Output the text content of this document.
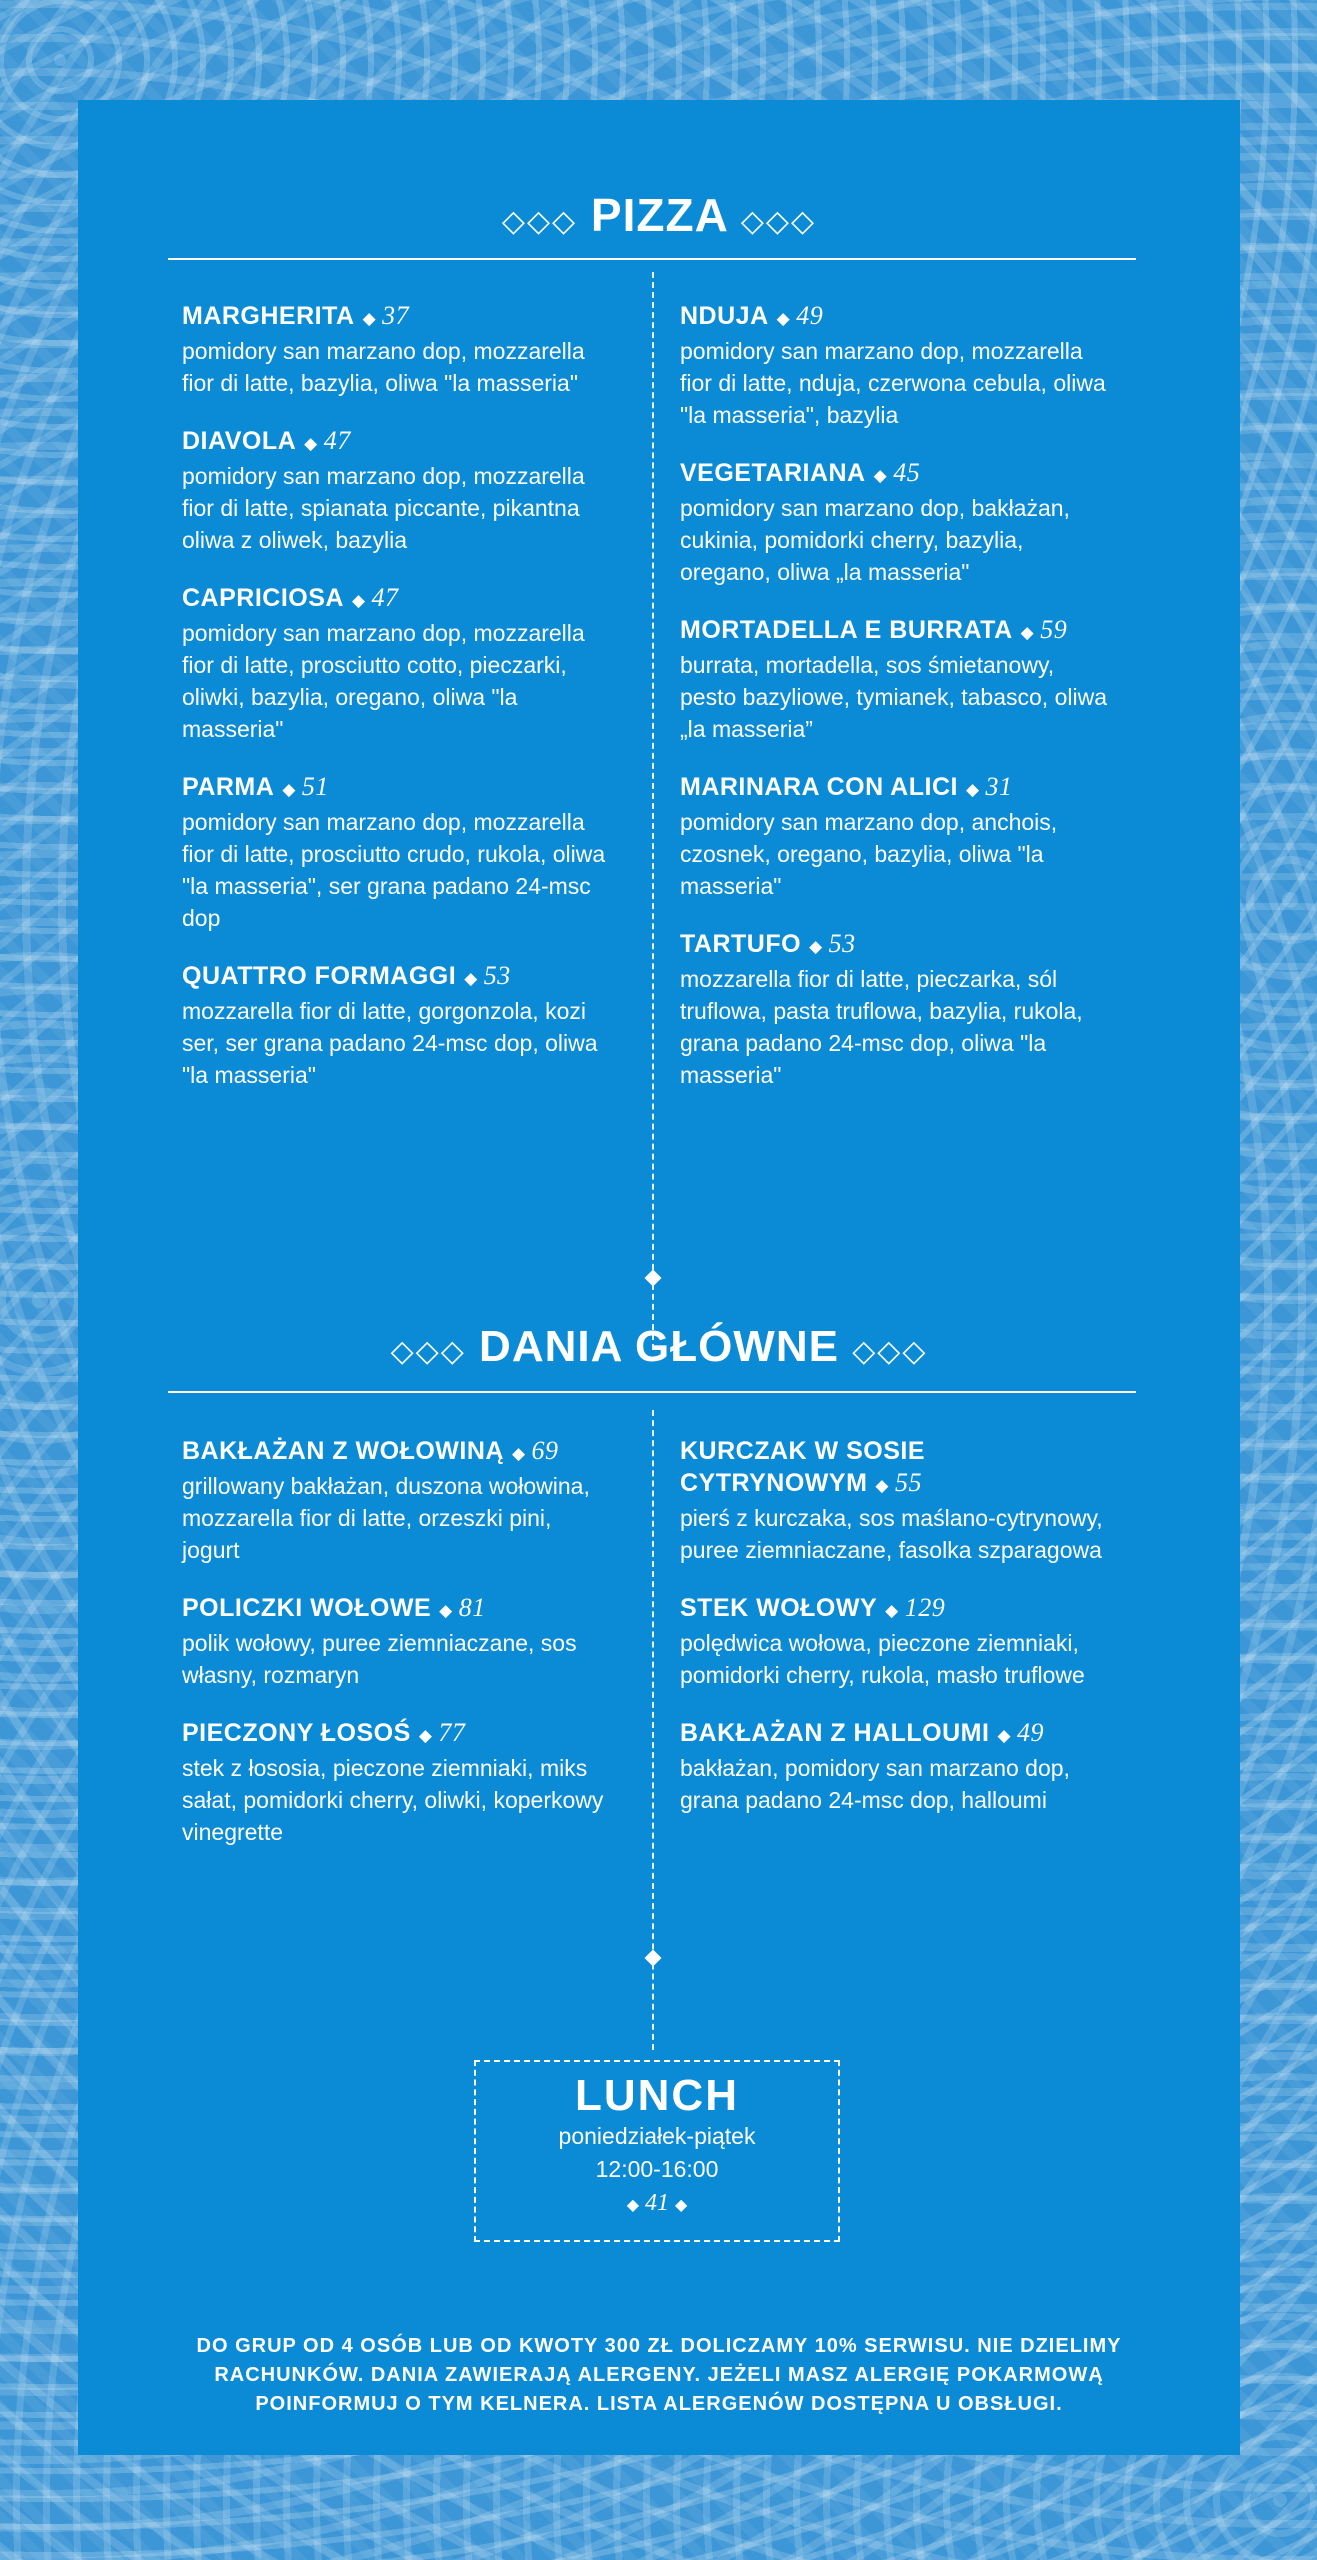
◇◇◇ PIZZA ◇◇◇
MARGHERITA ◆ 37
pomidory san marzano dop, mozzarella fior di latte, bazylia, oliwa "la masseria"
DIAVOLA ◆ 47
pomidory san marzano dop, mozzarella fior di latte, spianata piccante, pikantna oliwa z oliwek, bazylia
CAPRICIOSA ◆ 47
pomidory san marzano dop, mozzarella fior di latte, prosciutto cotto, pieczarki, oliwki, bazylia, oregano, oliwa "la masseria"
PARMA ◆ 51
pomidory san marzano dop, mozzarella fior di latte, prosciutto crudo, rukola, oliwa "la masseria", ser grana padano 24-msc dop
QUATTRO FORMAGGI ◆ 53
mozzarella fior di latte, gorgonzola, kozi ser, ser grana padano 24-msc dop, oliwa "la masseria"
NDUJA ◆ 49
pomidory san marzano dop, mozzarella fior di latte, nduja, czerwona cebula, oliwa "la masseria", bazylia
VEGETARIANA ◆ 45
pomidory san marzano dop, bakłażan, cukinia, pomidorki cherry, bazylia, oregano, oliwa „la masseria"
MORTADELLA E BURRATA ◆ 59
burrata, mortadella, sos śmietanowy, pesto bazyliowe, tymianek, tabasco, oliwa „la masseria”
MARINARA CON ALICI ◆ 31
pomidory san marzano dop, anchois, czosnek, oregano, bazylia, oliwa "la masseria"
TARTUFO ◆ 53
mozzarella fior di latte, pieczarka, sól truflowa, pasta truflowa, bazylia, rukola, grana padano 24-msc dop, oliwa "la masseria"
◇◇◇ DANIA GŁÓWNE ◇◇◇
BAKŁAŻAN Z WOŁOWINĄ ◆ 69
grillowany bakłażan, duszona wołowina, mozzarella fior di latte, orzeszki pini, jogurt
POLICZKI WOŁOWE ◆ 81
polik wołowy, puree ziemniaczane, sos własny, rozmaryn
PIECZONY ŁOSOŚ ◆ 77
stek z łososia, pieczone ziemniaki, miks sałat, pomidorki cherry, oliwki, koperkowy vinegrette
KURCZAK W SOSIE CYTRYNOWYM ◆ 55
pierś z kurczaka, sos maślano-cytrynowy, puree ziemniaczane, fasolka szparagowa
STEK WOŁOWY ◆ 129
polędwica wołowa, pieczone ziemniaki, pomidorki cherry, rukola, masło truflowe
BAKŁAŻAN Z HALLOUMI ◆ 49
bakłażan, pomidory san marzano dop, grana padano 24-msc dop, halloumi
LUNCH
poniedziałek-piątek
12:00-16:00
◆ 41 ◆
DO GRUP OD 4 OSÓB LUB OD KWOTY 300 ZŁ DOLICZAMY 10% SERWISU. NIE DZIELIMY
RACHUNKÓW. DANIA ZAWIERAJĄ ALERGENY. JEŻELI MASZ ALERGIĘ POKARMOWĄ
POINFORMUJ O TYM KELNERA. LISTA ALERGENÓW DOSTĘPNA U OBSŁUGI.
